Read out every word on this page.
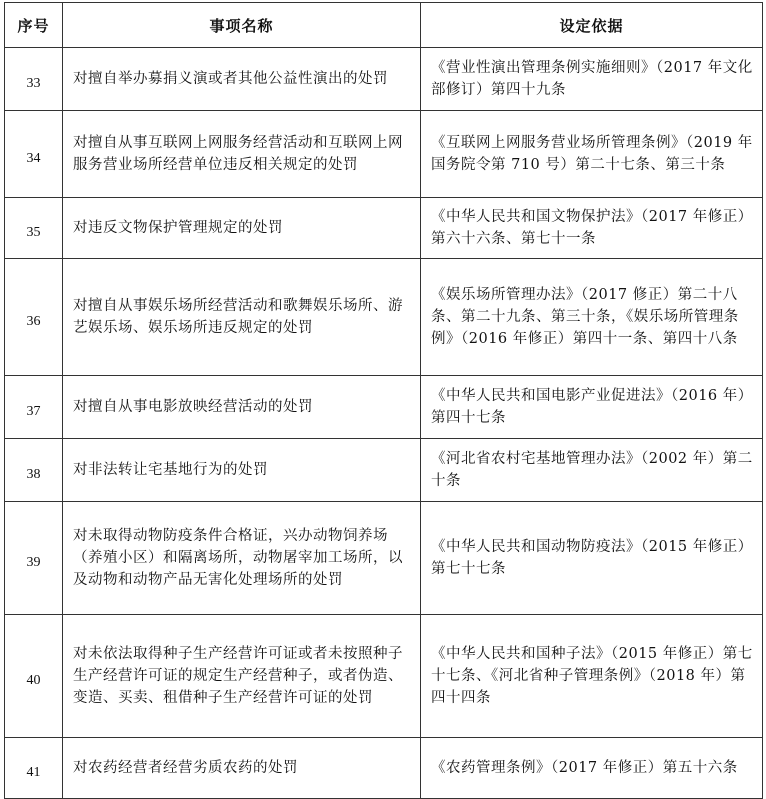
序号	事项名称	设定依据
33	对擅自举办募捐义演或者其他公益性演出的处罚	《营业性演出管理条例实施细则》（2017 年文化部修订）第四十九条
34	对擅自从事互联网上网服务经营活动和互联网上网服务营业场所经营单位违反相关规定的处罚	《互联网上网服务营业场所管理条例》（2019 年国务院令第 710 号）第二十七条、第三十条
35	对违反文物保护管理规定的处罚	《中华人民共和国文物保护法》（2017 年修正）第六十六条、第七十一条
36	对擅自从事娱乐场所经营活动和歌舞娱乐场所、游艺娱乐场、娱乐场所违反规定的处罚	《娱乐场所管理办法》（2017 修正）第二十八条、第二十九条、第三十条，《娱乐场所管理条例》（2016 年修正）第四十一条、第四十八条
37	对擅自从事电影放映经营活动的处罚	《中华人民共和国电影产业促进法》（2016 年）第四十七条
38	对非法转让宅基地行为的处罚	《河北省农村宅基地管理办法》（2002 年）第二十条
39	对未取得动物防疫条件合格证，兴办动物饲养场（养殖小区）和隔离场所，动物屠宰加工场所，以及动物和动物产品无害化处理场所的处罚	《中华人民共和国动物防疫法》（2015 年修正）第七十七条
40	对未依法取得种子生产经营许可证或者未按照种子生产经营许可证的规定生产经营种子，或者伪造、变造、买卖、租借种子生产经营许可证的处罚	《中华人民共和国种子法》（2015 年修正）第七十七条、《河北省种子管理条例》（2018 年）第四十四条
41	对农药经营者经营劣质农药的处罚	《农药管理条例》（2017 年修正）第五十六条
